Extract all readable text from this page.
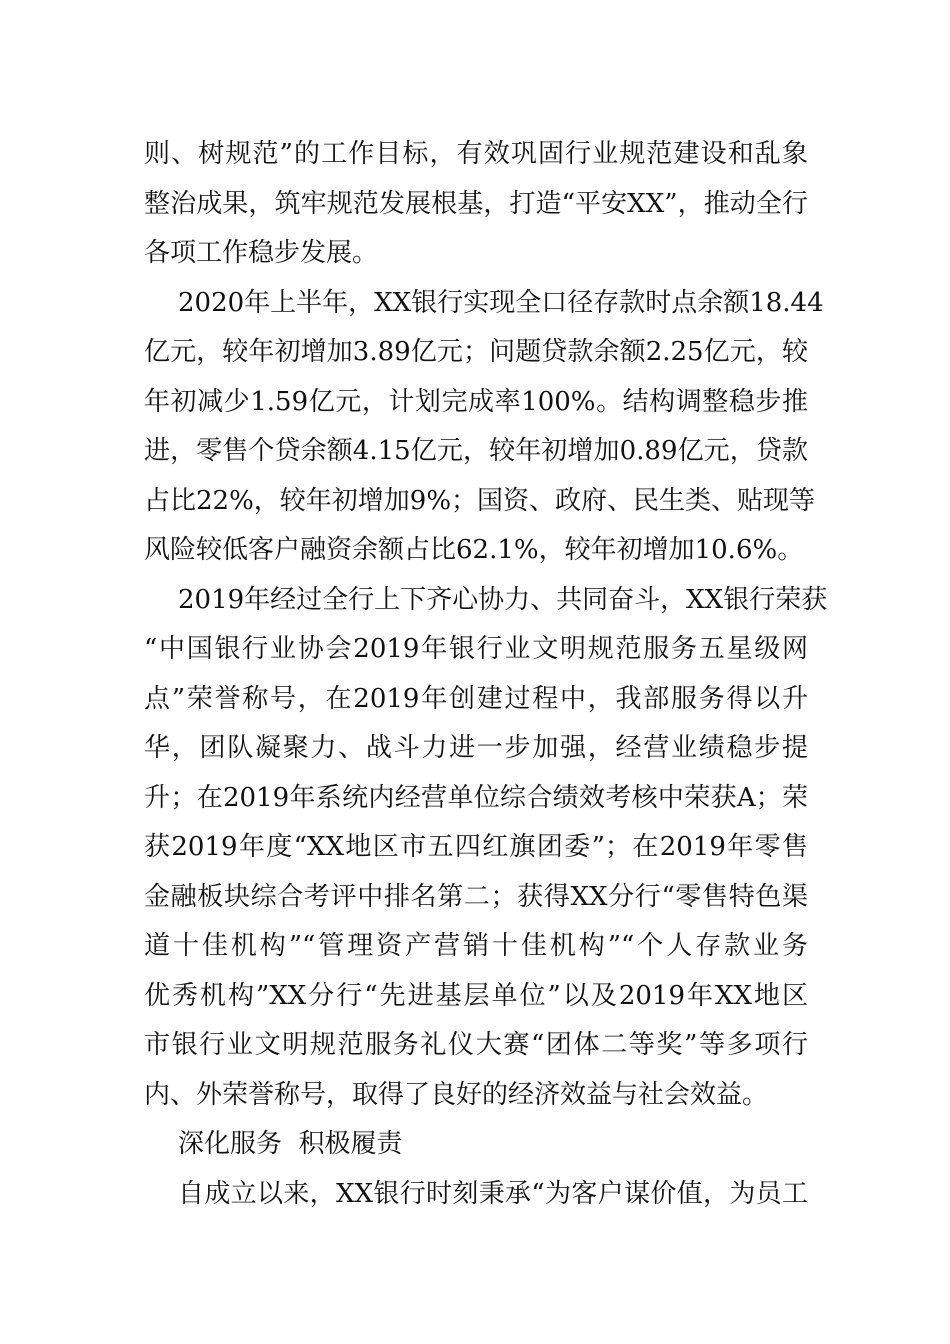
则、树规范”的工作目标，有效巩固行业规范建设和乱象
整治成果，筑牢规范发展根基，打造“平安XX”，推动全行
各项工作稳步发展。
2020年上半年，XX银行实现全口径存款时点余额18.44
亿元，较年初增加3.89亿元；问题贷款余额2.25亿元，较
年初减少1.59亿元，计划完成率100%。结构调整稳步推
进，零售个贷余额4.15亿元，较年初增加0.89亿元，贷款
占比22%，较年初增加9%；国资、政府、民生类、贴现等
风险较低客户融资余额占比62.1%，较年初增加10.6%。
2019年经过全行上下齐心协力、共同奋斗，XX银行荣获
“中国银行业协会2019年银行业文明规范服务五星级网
点”荣誉称号，在2019年创建过程中，我部服务得以升
华，团队凝聚力、战斗力进一步加强，经营业绩稳步提
升；在2019年系统内经营单位综合绩效考核中荣获A；荣
获2019年度“XX地区市五四红旗团委”；在2019年零售
金融板块综合考评中排名第二；获得XX分行“零售特色渠
道十佳机构”“管理资产营销十佳机构”“个人存款业务
优秀机构”XX分行“先进基层单位”以及2019年XX地区
市银行业文明规范服务礼仪大赛“团体二等奖”等多项行
内、外荣誉称号，取得了良好的经济效益与社会效益。
深化服务  积极履责
自成立以来，XX银行时刻秉承“为客户谋价值，为员工
